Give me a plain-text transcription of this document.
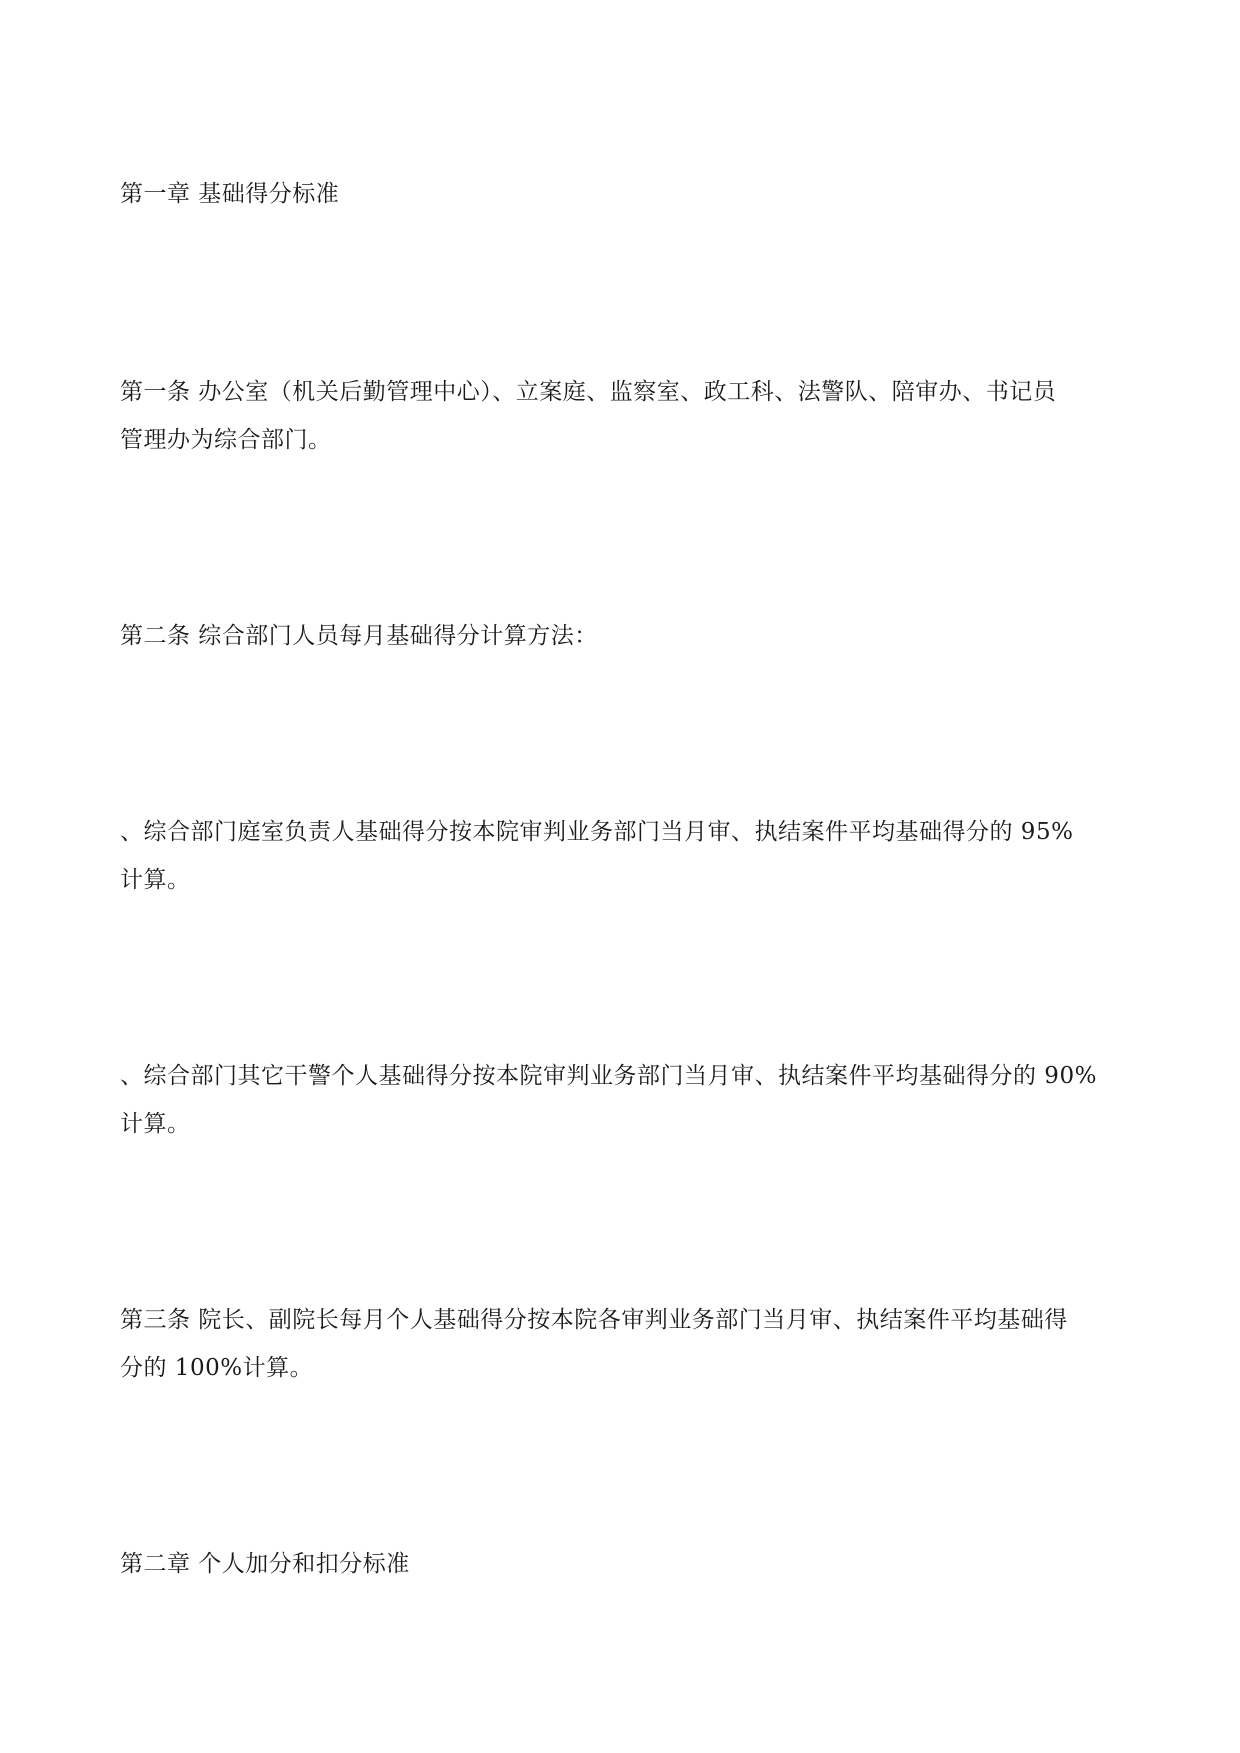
第一章 基础得分标准
第一条 办公室（机关后勤管理中心）、立案庭、监察室、政工科、法警队、陪审办、书记员
管理办为综合部门。
第二条 综合部门人员每月基础得分计算方法：
、综合部门庭室负责人基础得分按本院审判业务部门当月审、执结案件平均基础得分的 95%
计算。
、综合部门其它干警个人基础得分按本院审判业务部门当月审、执结案件平均基础得分的 90%
计算。
第三条 院长、副院长每月个人基础得分按本院各审判业务部门当月审、执结案件平均基础得
分的 100%计算。
第二章 个人加分和扣分标准
